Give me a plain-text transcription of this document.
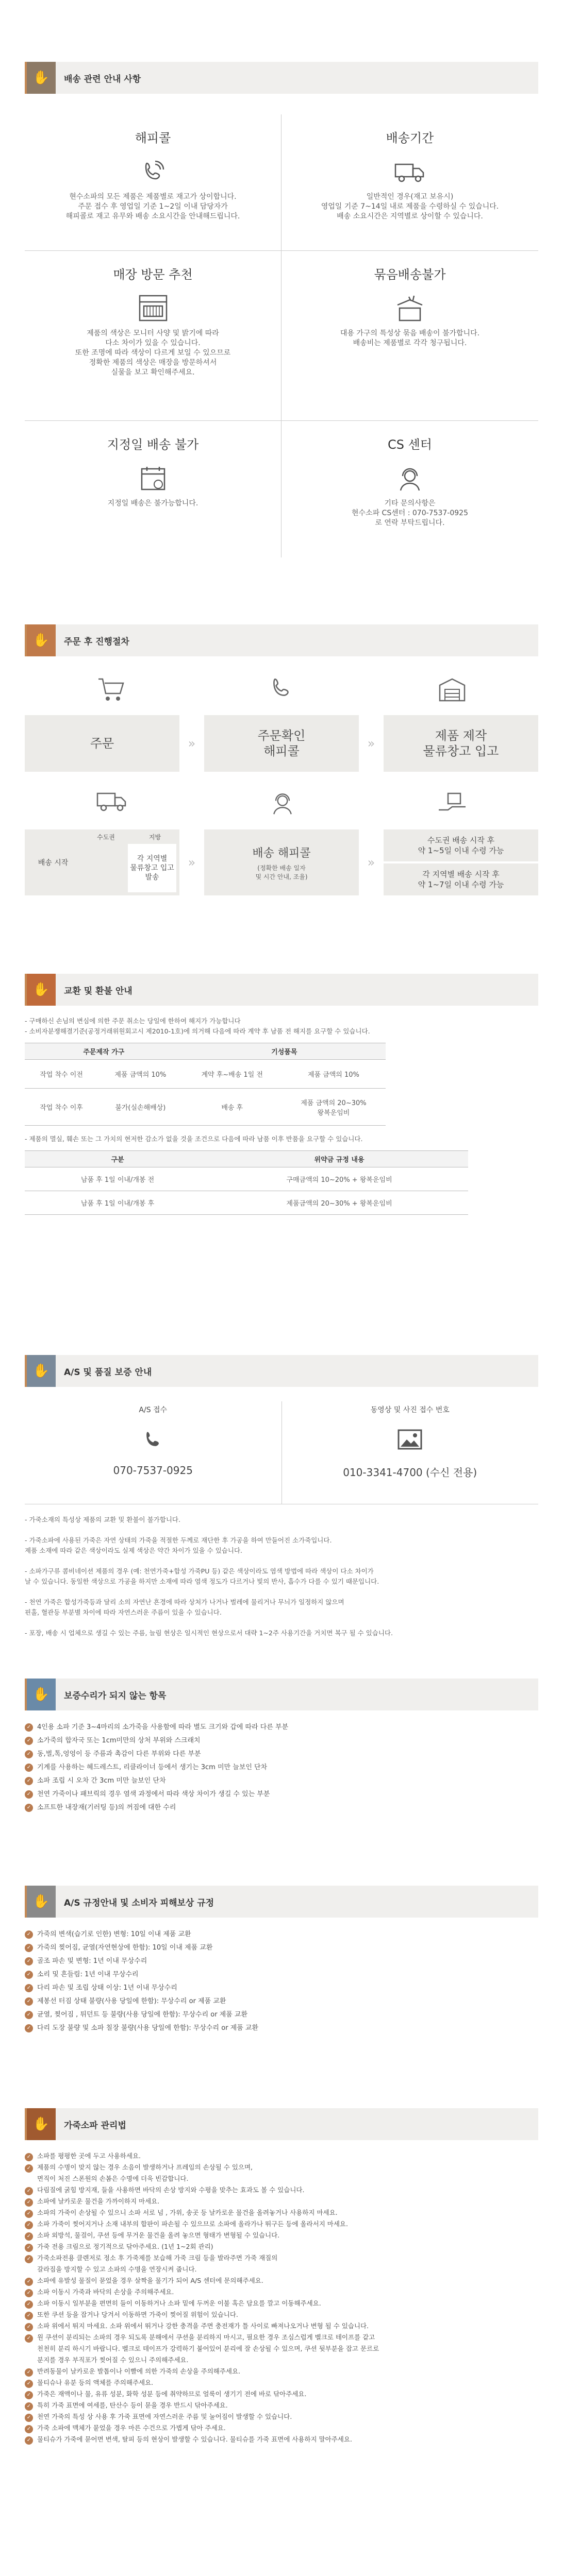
✋	배송 관련 안내 사항
해피콜

현수소파의 모든 제품은 제품별로 재고가 상이합니다.
주문 접수 후 영업일 기준 1~2일 이내 담당자가
해피콜로 재고 유무와 배송 소요시간을 안내해드립니다.

배송기간

일반적인 경우(재고 보유시)
영업일 기준 7~14일 내로 제품을 수령하실 수 있습니다.
배송 소요시간은 지역별로 상이할 수 있습니다.

매장 방문 추천

제품의 색상은 모니터 사양 및 밝기에 따라
다소 차이가 있을 수 있습니다.
또한 조명에 따라 색상이 다르게 보일 수 있으므로
정확한 제품의 색상은 매장을 방문하셔서
실물을 보고 확인해주세요.

묶음배송불가

대용 가구의 특성상 묶음 배송이 불가합니다.
배송비는 제품별로 각각 청구됩니다.

지정일 배송 불가

지정일 배송은 불가능합니다.

CS 센터

기타 문의사항은
현수소파 CS센터 : 070-7537-0925
로 연락 부탁드립니다.

✋	주문 후 진행절차
주문	»
주문확인
해피콜
»
제품 제작
물류창고 입고
배송 시작
수도권	지방
각 지역별
물류창고 입고
발송
»
배송 해피콜
(정확한 배송 일자
및 시간 안내, 조율)
»
수도권 배송 시작 후
약 1~5일 이내 수령 가능
각 지역별 배송 시작 후
약 1~7일 이내 수령 가능
✋	교환 및 환불 안내
- 구매하신 손님의 변심에 의한 주문 취소는 당일에 한하여 해지가 가능합니다
- 소비자분쟁해결기준(공정거래위원회고시 제2010-1호)에 의거해 다음에 따라 계약 후 남품 전 해지를 요구할 수 있습니다.
주문제작 가구		기성품목	
작업 착수 이전	제품 금액의 10%	계약 후~배송 1일 전	제품 금액의 10%
작업 착수 이후	불가(실손해배상)	배송 후	제품 금액의 20~30%
왕복운임비
- 제품의 멸실, 훼손 또는 그 가치의 현저한 감소가 없을 것을 조건으로 다음에 따라 남품 이후 반품을 요구할 수 있습니다.
구분	위약금 규정 내용
남품 후 1일 이내/개봉 전	구매금액의 10~20% + 왕복운임비
남품 후 1일 이내/개봉 후	제품금액의 20~30% + 왕복운임비
✋	A/S 및 품질 보증 안내
A/S 접수
070-7537-0925
동영상 및 사진 접수 번호
010-3341-4700 (수신 전용)
- 가죽소재의 특성상 제품의 교환 및 환불이 불가합니다.

- 가죽소파에 사용된 가죽은 자연 상태의 가죽을 적절한 두께로 재단한 후 가공을 하여 만들어진 소가죽입니다.
제품 소재에 따라 같은 색상이라도 실제 색상은 약간 차이가 있을 수 있습니다.

- 소파가구류 콤비네이션 제품의 경우 (예: 천연가죽+합성 가죽PU 등) 같은 색상이라도 염색 방법에 따라 색상이 다소 차이가
날 수 있습니다. 동일한 색상으로 가공을 하지만 소재에 따라 염색 정도가 다르거나 빛의 반사, 흡수가 다를 수 있기 때문입니다.

- 천연 가죽은 합성가죽등과 달리 소의 자연난 흔경에 따라 상처가 나거나 벌레에 물리거나 무늬가 일정하지 않으며
핀홀, 혈관등 부분별 차이에 따라 자연스러운 주름이 있을 수 있습니다.

- 포장, 배송 시 업체으로 생길 수 있는 주름, 늘림 현상은 일시적인 현상으로서 대략 1~2주 사용기간을 거치면 복구 될 수 있습니다.
✋	보증수리가 되지 않는 항목
✓ 4인용 소파 기준 3~4마리의 소가죽을 사용함에 따라 별도 크기와 갑에 따라 다른 부분
✓ 소가죽의 합자국 또는 1cm미만의 상처 부위와 스크래치
✓ 동,벌,톡,엉엉이 등 주름과 촉감이 다른 부위와 다른 부분
✓ 기계를 사용하는 헤드레스트, 리클라이너 등에서 생기는 3cm 미만 늘보인 단차
✓ 소파 조립 시 오차 간 3cm 미만 늘보인 단차
✓ 천연 가죽이나 패브릭의 경우 염색 과정에서 따라 색상 차이가 생길 수 있는 부분
✓ 소프트한 내장재(기러팅 등)의 꺼짐에 대한 수리
✋	A/S 규정안내 및 소비자 피해보상 규정
✓ 가죽의 변색(습기로 인한) 변형: 10일 이내 제품 교환
✓ 가죽의 찢어짐, 균열(자연현상에 한함): 10일 이내 제품 교환
✓ 골조 파손 및 변형: 1년 이내 무상수리
✓ 소리 및 흔들림: 1년 이내 무상수리
✓ 다리 파손 및 조립 상태 이상: 1년 이내 무상수리
✓ 제봉선 터짐 상태 불량(사용 당일에 한함): 무상수리 or 제품 교환
✓ 균열, 찢어짐 , 튀던트 등 불량(사용 당일에 한함): 무상수리 or 제품 교환
✓ 다리 도장 불량 및 소파 칠장 불량(사용 당일에 한함): 무상수리 or 제품 교환
✋	가죽소파 관리법
✓ 소파를 평평한 곳에 두고 사용하세요.
✓ 제품의 수명이 맞지 않는 경우 소음이 발생하거나 프레임의 손상될 수 있으며,
면직이 처진 스폰원의 손봄은 수명에 더욱 빈감합니다.
✓ 다림질에 굵힘 방지재, 들을 사용하면 바닥의 손상 방지와 수평을 맞추는 효과도 볼 수 있습니다.
✓ 소파에 날카로운 물건을 가까이하지 마세요.
✓ 소파의 가죽이 손상될 수 있으니 소파 서로 넘 , 가위, 송곳 등 날카로운 물건을 올려놓거나 사용하지 마세요.
✓ 소파 가죽이 찢어지거나 소재 내부의 합판이 파손될 수 있으므로 소파에 올라가나 뛰구든 등에 올라서지 마세요.
✓ 소파 외방석, 물걸이, 쿠션 등에 무거운 물건을 올려 놓으면 형태가 변형될 수 있습니다.
✓ 가죽 전용 크림으로 정기적으로 닦아주세요. (1년 1~2회 관리)
✓ 가죽소파전용 클렌저로 정소 후 가죽제를 보습해 가죽 크림 등을 발라주면 가죽 재질의
갈라짐을 방지할 수 있고 소파의 수명을 연장시켜 줍니다.
✓ 소파에 유발성 물질이 묻었을 경우 살짝을 물기가 되어 A/S 센터에 문의해주세요.
✓ 소파 이동시 가죽과 바닥의 손상을 주의해주세요.
✓ 소파 이동시 일부분을 편면히 들이 이동하거나 소파 밑에 두꺼운 이불 혹은 담요를 깔고 이동해주세요.
✓ 또한 쿠션 등을 잡거나 당겨서 이동하면 가죽이 찢어질 위험이 있습니다.
✓ 소파 위에서 뛰지 마세요. 소파 위에서 뛰거나 강한 충격을 주면 충전재가 틀 사이로 빠져나오거나 변형 될 수 있습니다.
✓ 원 쿠션이 분리되는 소파의 경우 되도록 분해에서 쿠션을 분리하지 마시고, 필요한 경우 조심스럽게 벨크로 테이프를 같고
천천히 분리 하시기 바랍니다. 벨크로 테이프가 강력하기 붙어있어 분리에 잘 손상될 수 있으며, 쿠션 뒷부분을 잡고 문르로
분지를 경우 부직포가 찢어질 수 있으니 주의해주세요.
✓ 반려동물이 날카로운 발톱이나 이빨에 의한 가죽의 손상을 주의해주세요.
✓ 물티슈나 유분 등의 액체를 주의해주세요.
✓ 가죽은 재액이나 물, 유류 성분, 화학 성분 등에 취약하므로 얼룩이 생기기 전에 바로 닦아주세요.
✓ 특히 가죽 표면에 여세를, 탄산수 등이 묻을 경우 반드시 닦아주세요.
✓ 천연 가죽의 특성 상 사용 후 가죽 표면에 자연스러운 주름 및 눌어짐이 발생할 수 있습니다.
✓ 가죽 소파에 맥체가 뭍었을 경우 마른 수건으로 가볍게 닦아 주세요.
✓ 물티슈가 가죽에 묻어면 변색, 탈피 등의 현상이 발생할 수 있습니다. 물티슈를 가죽 표면에 사용하지 말아주세요.
